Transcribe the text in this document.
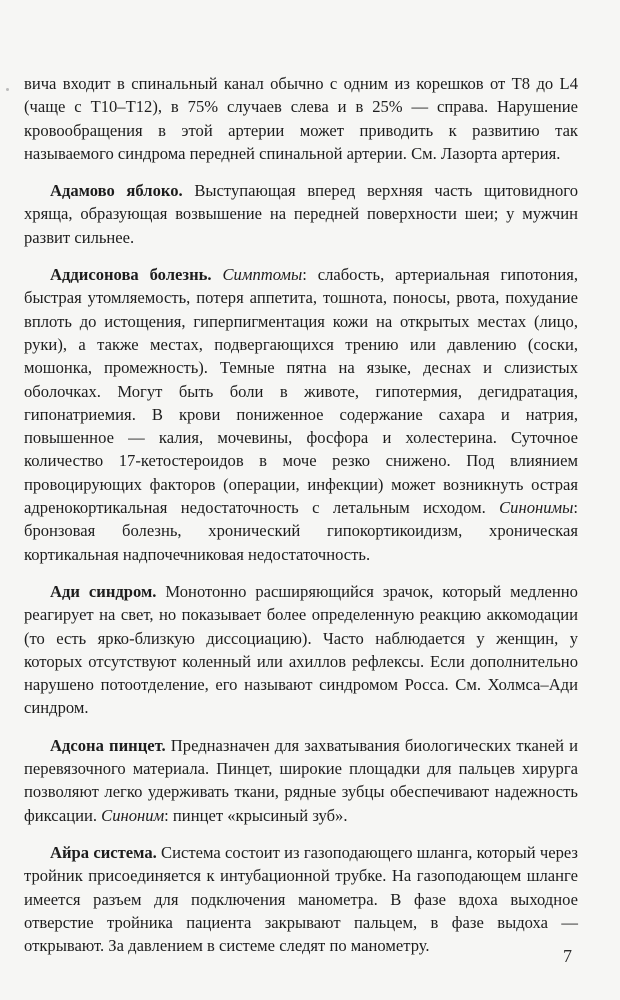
вича входит в спинальный канал обычно с одним из корешков от T8 до L4 (чаще с T10–T12), в 75% случаев слева и в 25% — справа. Нарушение кровообращения в этой артерии может приводить к развитию так называемого синдрома передней спинальной артерии. См. Лазорта артерия.

Адамово яблоко. Выступающая вперед верхняя часть щитовидного хряща, образующая возвышение на передней поверхности шеи; у мужчин развит сильнее.

Аддисонова болезнь. Симптомы: слабость, артериальная гипотония, быстрая утомляемость, потеря аппетита, тошнота, поносы, рвота, похудание вплоть до истощения, гиперпигментация кожи на открытых местах (лицо, руки), а также местах, подвергающихся трению или давлению (соски, мошонка, промежность). Темные пятна на языке, деснах и слизистых оболочках. Могут быть боли в животе, гипотермия, дегидратация, гипонатриемия. В крови пониженное содержание сахара и натрия, повышенное — калия, мочевины, фосфора и холестерина. Суточное количество 17-кетостероидов в моче резко снижено. Под влиянием провоцирующих факторов (операции, инфекции) может возникнуть острая адренокортикальная недостаточность с летальным исходом. Синонимы: бронзовая болезнь, хронический гипокортикоидизм, хроническая кортикальная надпочечниковая недостаточность.

Ади синдром. Монотонно расширяющийся зрачок, который медленно реагирует на свет, но показывает более определенную реакцию аккомодации (то есть ярко-близкую диссоциацию). Часто наблюдается у женщин, у которых отсутствуют коленный или ахиллов рефлексы. Если дополнительно нарушено потоотделение, его называют синдромом Росса. См. Холмса–Ади синдром.

Адсона пинцет. Предназначен для захватывания биологических тканей и перевязочного материала. Пинцет, широкие площадки для пальцев хирурга позволяют легко удерживать ткани, рядные зубцы обеспечивают надежность фиксации. Синоним: пинцет «крысиный зуб».

Айра система. Система состоит из газоподающего шланга, который через тройник присоединяется к интубационной трубке. На газоподающем шланге имеется разъем для подключения манометра. В фазе вдоха выходное отверстие тройника пациента закрывают пальцем, в фазе выдоха — открывают. За давлением в системе следят по манометру.

7
